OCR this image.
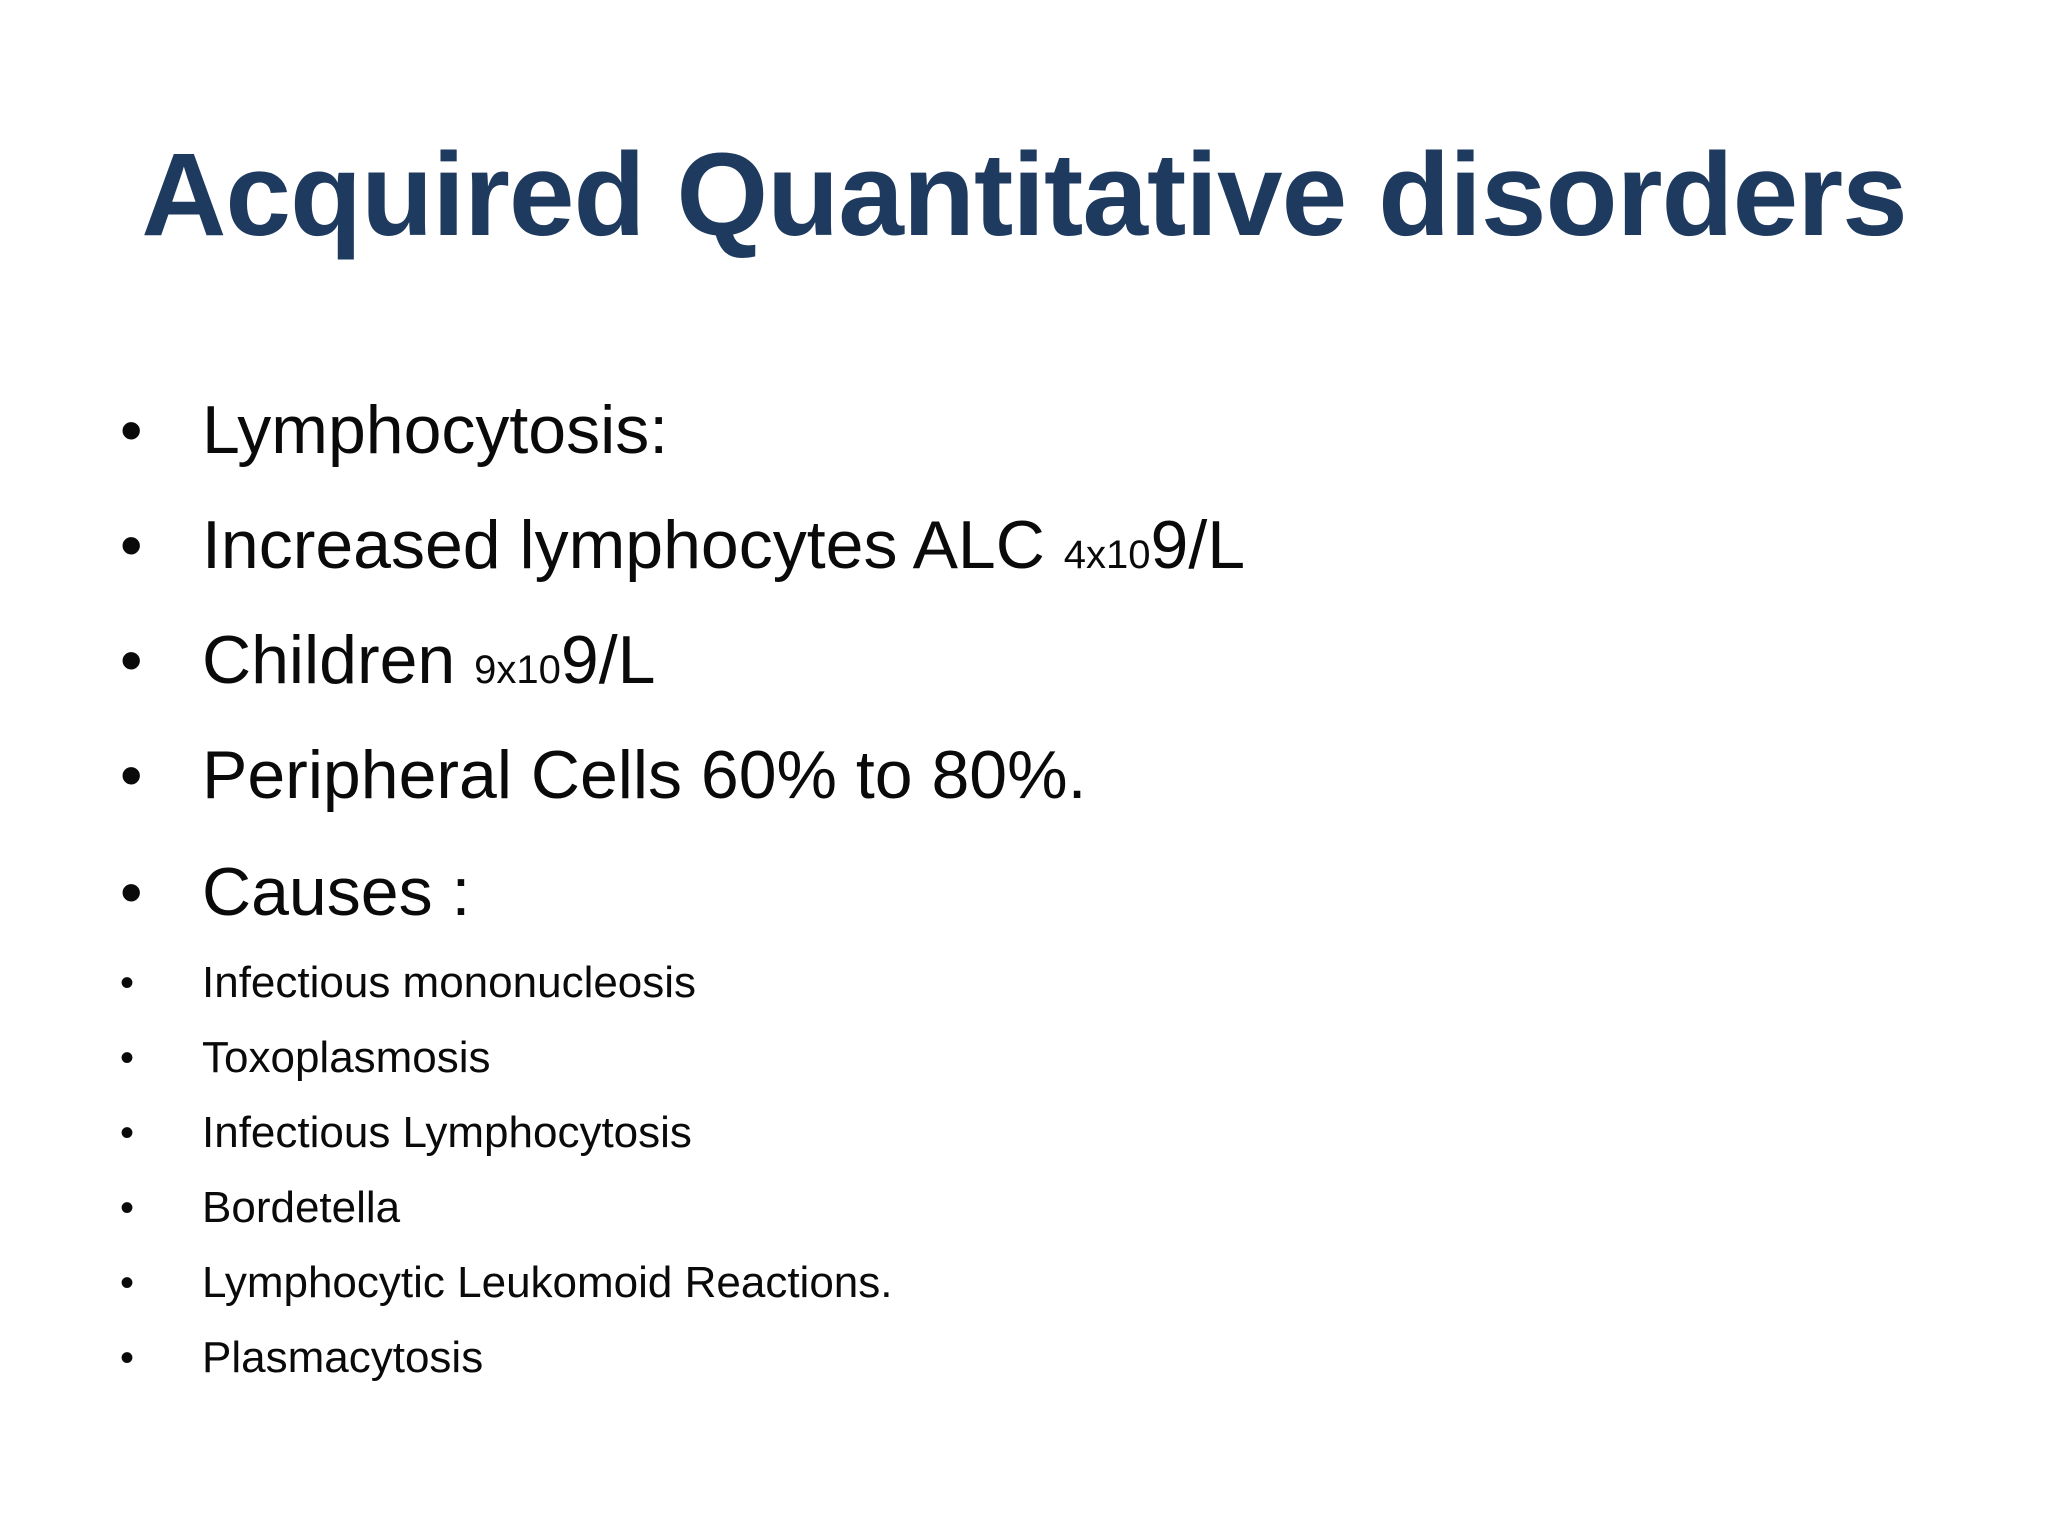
Acquired Quantitative disorders
• Lymphocytosis:
• Increased lymphocytes ALC 4x109/L
• Children 9x109/L
• Peripheral Cells 60% to 80%.
• Causes :
•	Infectious mononucleosis
•	Toxoplasmosis
•	Infectious Lymphocytosis
•	Bordetella
•	Lymphocytic Leukomoid Reactions.
•	Plasmacytosis
